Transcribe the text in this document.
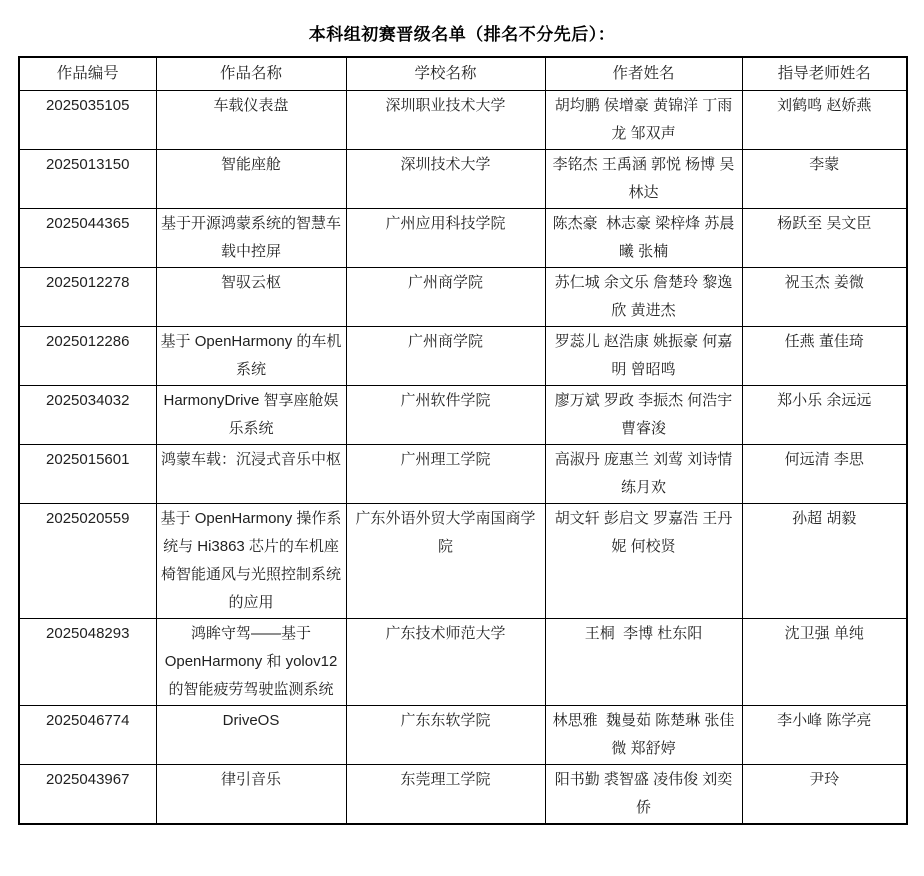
本科组初赛晋级名单（排名不分先后）：
作品编号	作品名称	学校名称	作者姓名	指导老师姓名
2025035105	车载仪表盘	深圳职业技术大学	胡均鹏 侯增豪 黄锦洋 丁雨龙 邹双声	刘鹤鸣 赵娇燕
2025013150	智能座舱	深圳技术大学	李铭杰 王禹涵 郭悦 杨博 吴林达	李蒙
2025044365	基于开源鸿蒙系统的智慧车载中控屏	广州应用科技学院	陈杰豪  林志豪 梁梓烽 苏晨曦 张楠	杨跃至 吴文臣
2025012278	智驭云枢	广州商学院	苏仁城 余文乐 詹楚玲 黎逸欣 黄进杰	祝玉杰 姜微
2025012286	基于 OpenHarmony 的车机系统	广州商学院	罗蕊儿 赵浩康 姚振豪 何嘉明 曾昭鸣	任燕 董佳琦
2025034032	HarmonyDrive 智享座舱娱乐系统	广州软件学院	廖万斌 罗政 李振杰 何浩宇 曹睿浚	郑小乐 余远远
2025015601	鸿蒙车载：沉浸式音乐中枢	广州理工学院	高淑丹 庞惠兰 刘莺 刘诗情 练月欢	何远清 李思
2025020559	基于 OpenHarmony 操作系统与 Hi3863 芯片的车机座椅智能通风与光照控制系统的应用	广东外语外贸大学南国商学院	胡文轩 彭启文 罗嘉浩 王丹妮 何校贤	孙超 胡毅
2025048293	鸿眸守驾——基于 OpenHarmony 和 yolov12 的智能疲劳驾驶监测系统	广东技术师范大学	王桐  李博 杜东阳	沈卫强 单纯
2025046774	DriveOS	广东东软学院	林思雅  魏曼茹 陈楚琳 张佳微 郑舒婷	李小峰 陈学亮
2025043967	律引音乐	东莞理工学院	阳书勤 裘智盛 凌伟俊 刘奕侨	尹玲
